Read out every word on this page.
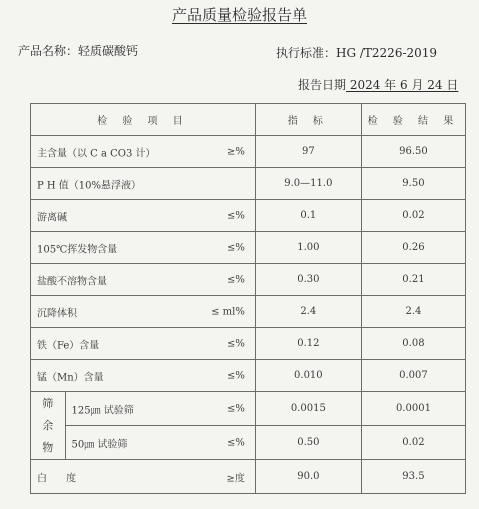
产品质量检验报告单
产品名称：轻质碳酸钙	执行标准：HG /T2226-2019
报告日期 2024 年 6 月 24 日
检 验 项 目		指 标	检 验 结 果

主含量（以 C a CO3 计） ≥%		97	96.50

P H 值（10%悬浮液）		9.0—11.0	9.50

游离碱 ≤%		0.1	0.02

105℃挥发物含量 ≤%		1.00	0.26

盐酸不溶物含量 ≤%		0.30	0.21

沉降体积 ≤ ml%		2.4	2.4

铁（Fe）含量 ≤%		0.12	0.08

锰（Mn）含量 ≤%		0.010	0.007

筛
余
物	125㎛ 试验筛 ≤%	0.0015	0.0001

	50㎛ 试验筛 ≤%	0.50	0.02

白      度 ≥度		90.0	93.5
